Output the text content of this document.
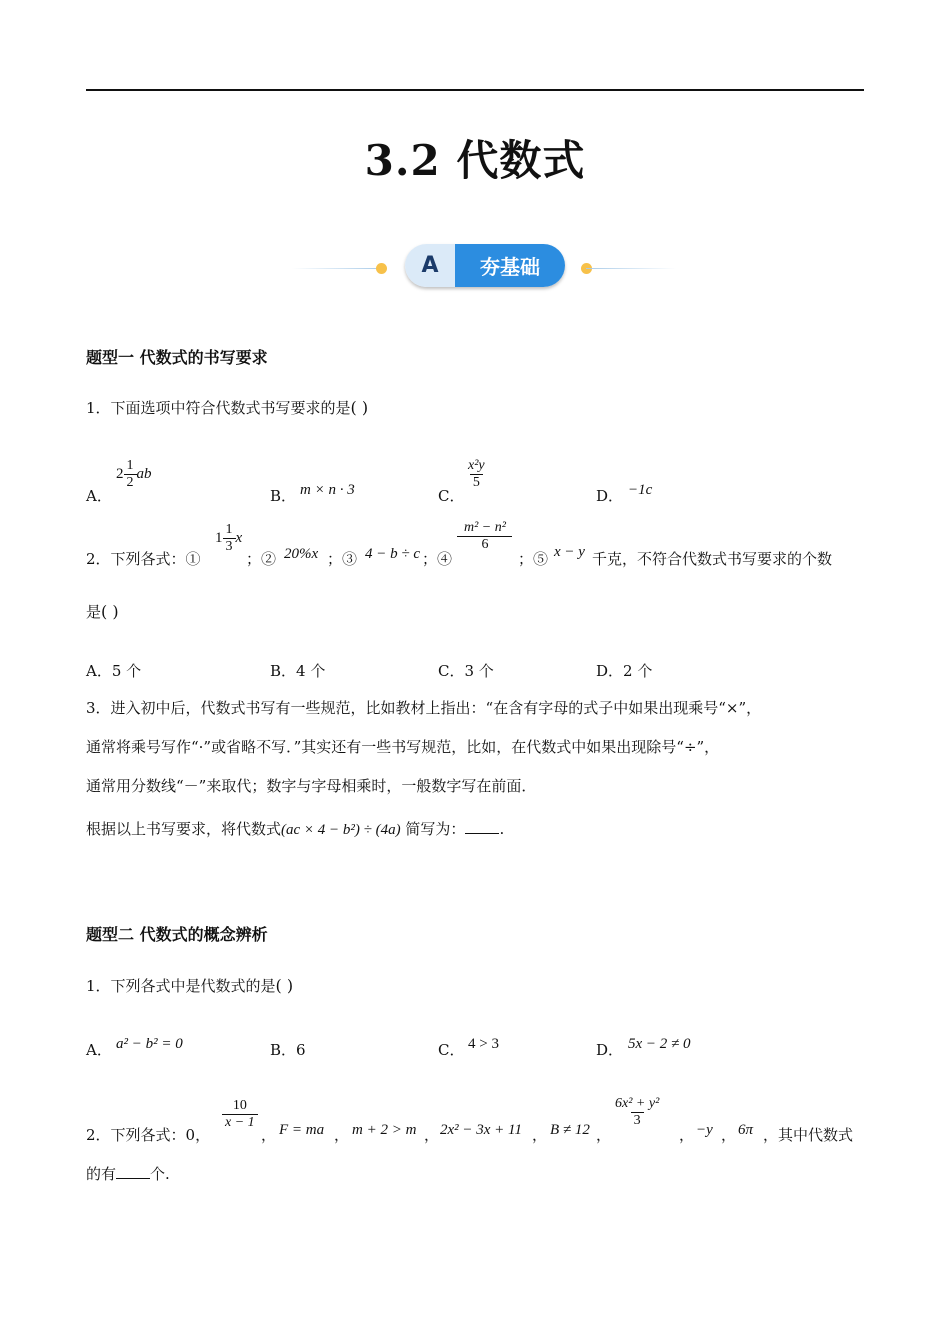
3.2 代数式
A	夯基础
题型一 代数式的书写要求
1．下面选项中符合代数式书写要求的是( )
A．
$2 \frac{1}{2}$ ab
B． m × n · 3	C．
$\frac{\text{x²y}}{5}$
D． −1c
2．下列各式：①
$1 \frac{1}{3}$ x
；② 20%x ；③ 4 − b ÷ c ；④
$\frac{\text{m² − n²}}{6}$
；⑤ x − y 千克，不符合代数式书写要求的个数
是( )
A．5 个	B．4 个	C．3 个	D．2 个
3．进入初中后，代数式书写有一些规范，比如教材上指出：“在含有字母的式子中如果出现乘号“×”，
通常将乘号写作“·”或省略不写．”其实还有一些书写规范，比如，在代数式中如果出现除号“÷”，
通常用分数线“－”来取代；数字与字母相乘时，一般数字写在前面．
根据以上书写要求，将代数式(ac × 4 − b²) ÷ (4a) 简写为： .
题型二 代数式的概念辨析
1．下列各式中是代数式的是( )
A． a² − b² = 0	B．6	C． 4 > 3	D． 5x − 2 ≠ 0
2．下列各式：0，
$\frac{10}{x - 1}$
， F = ma ， m + 2 > m ， 2x² − 3x + 11 ， B ≠ 12 ，
$\frac{\text{6x² + y²}}{3}$
， −y ， 6π ，其中代数式
的有 个.
